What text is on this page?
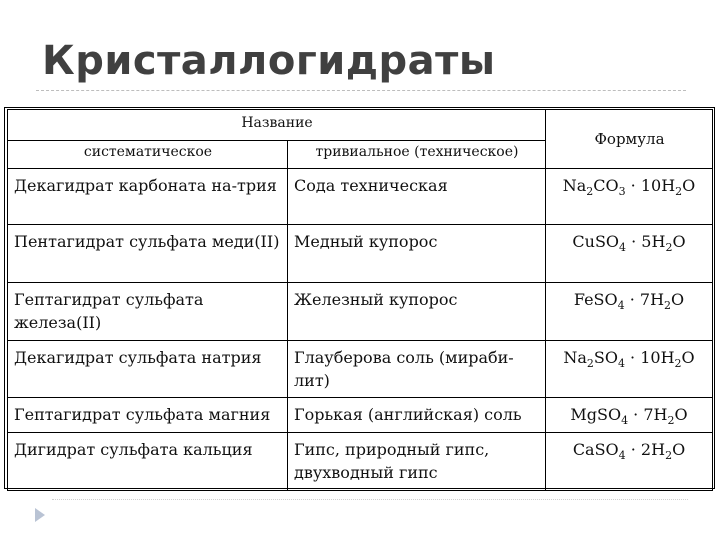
Кристаллогидраты
Название		Формула
систематическое	тривиальное (техническое)	
Декагидрат карбоната на-трия	Сода техническая	$Na_2CO_3 \cdot 10H_2O$
Пентагидрат сульфата меди(II)	Медный купорос	CuSO$_4$ · $5H_2O$
Гептагидрат сульфата железа(II)	Железный купорос	FeSO$_4$ · $7H_2O$
Декагидрат сульфата натрия	Глауберова соль (мираби-лит)	$Na_2SO_4 \cdot 10H_2O$
Гептагидрат сульфата магния	Горькая (английская) соль	MgSO$_4$ · $7H_2O$
Дигидрат сульфата кальция	Гипс, природный гипс, двухводный гипс	CaSO$_4$ · $2H_2O$
